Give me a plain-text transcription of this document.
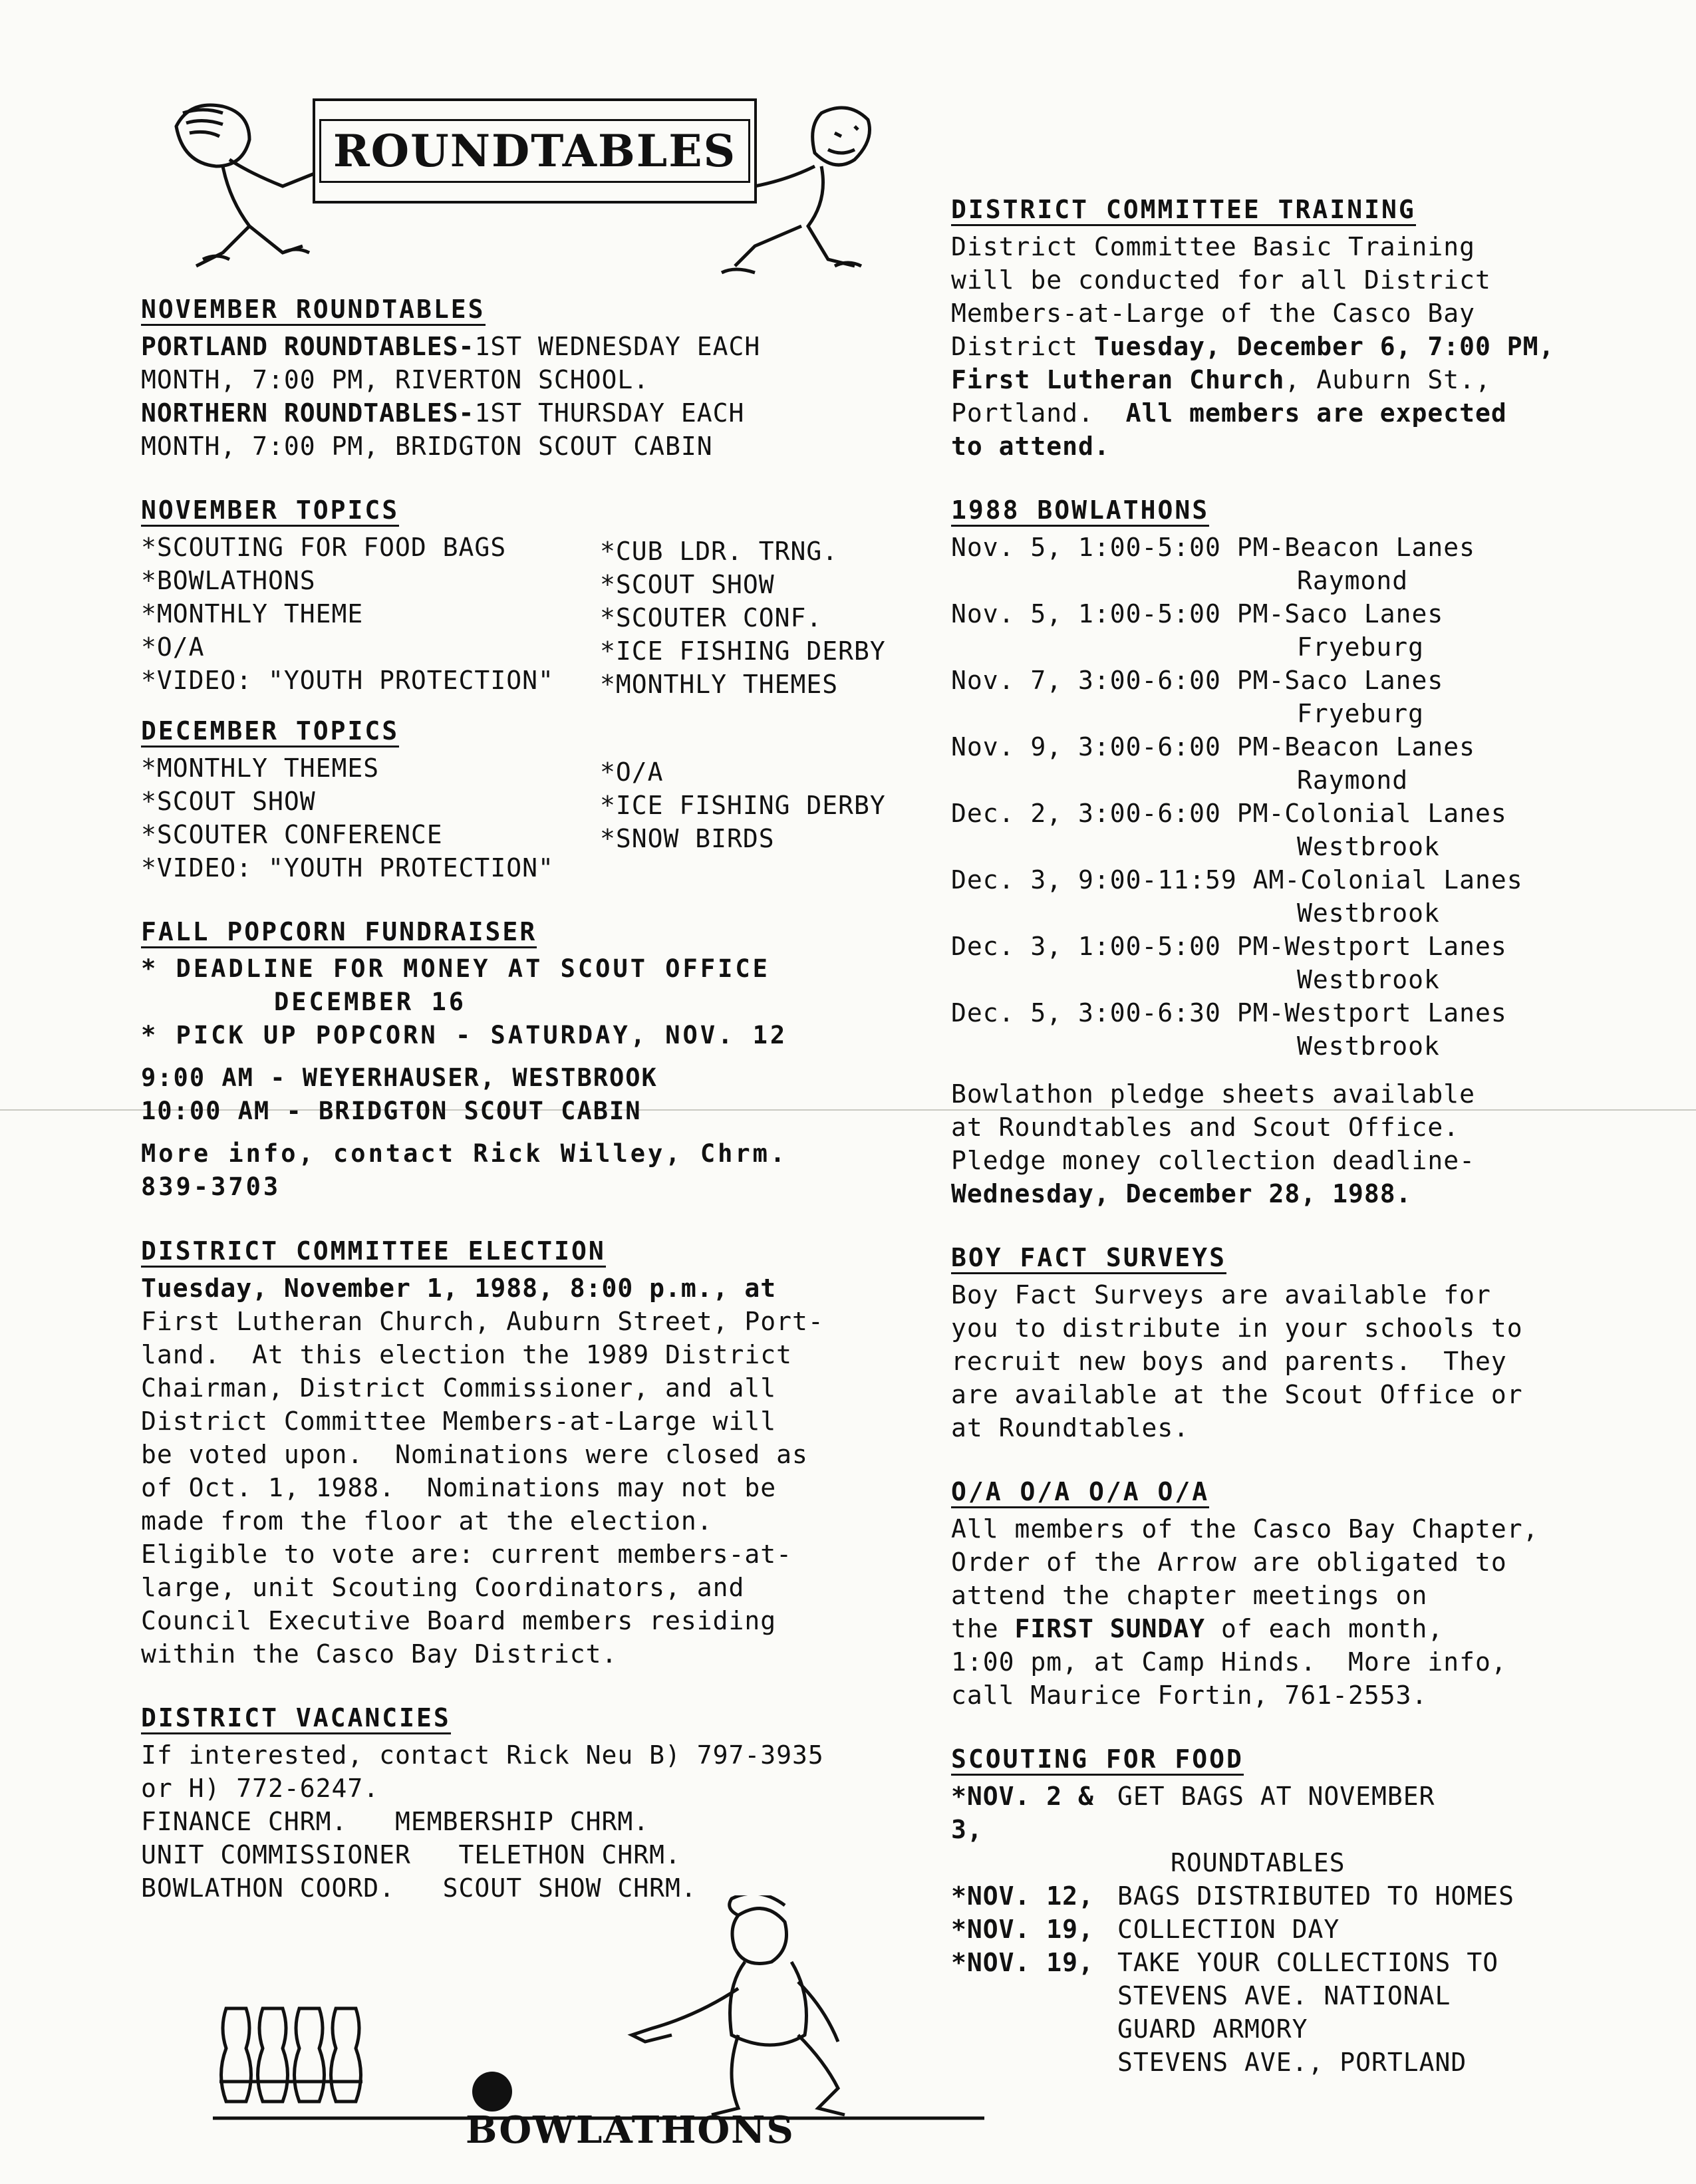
ROUNDTABLES
NOVEMBER ROUNDTABLES
PORTLAND ROUNDTABLES-1ST WEDNESDAY EACH
MONTH, 7:00 PM, RIVERTON SCHOOL.
NORTHERN ROUNDTABLES-1ST THURSDAY EACH
MONTH, 7:00 PM, BRIDGTON SCOUT CABIN
NOVEMBER TOPICS
*SCOUTING FOR FOOD BAGS
*BOWLATHONS
*MONTHLY THEME
*O/A
*VIDEO: "YOUTH PROTECTION"
*CUB LDR. TRNG.
*SCOUT SHOW
*SCOUTER CONF.
*ICE FISHING DERBY
*MONTHLY THEMES
DECEMBER TOPICS
*MONTHLY THEMES
*SCOUT SHOW
*SCOUTER CONFERENCE
*VIDEO: "YOUTH PROTECTION"
*O/A
*ICE FISHING DERBY
*SNOW BIRDS
FALL POPCORN FUNDRAISER
* DEADLINE FOR MONEY AT SCOUT OFFICE
DECEMBER 16
* PICK UP POPCORN - SATURDAY, NOV. 12
9:00 AM - WEYERHAUSER, WESTBROOK
10:00 AM - BRIDGTON SCOUT CABIN
More info, contact Rick Willey, Chrm.
839-3703
DISTRICT COMMITTEE ELECTION
Tuesday, November 1, 1988, 8:00 p.m., at
First Lutheran Church, Auburn Street, Port-
land.  At this election the 1989 District
Chairman, District Commissioner, and all
District Committee Members-at-Large will
be voted upon.  Nominations were closed as
of Oct. 1, 1988.  Nominations may not be
made from the floor at the election.
Eligible to vote are: current members-at-
large, unit Scouting Coordinators, and
Council Executive Board members residing
within the Casco Bay District.
DISTRICT VACANCIES
If interested, contact Rick Neu B) 797-3935
or H) 772-6247.
FINANCE CHRM.   MEMBERSHIP CHRM.
UNIT COMMISSIONER   TELETHON CHRM.
BOWLATHON COORD.   SCOUT SHOW CHRM.
DISTRICT COMMITTEE TRAINING
District Committee Basic Training
will be conducted for all District
Members-at-Large of the Casco Bay
District Tuesday, December 6, 7:00 PM,
First Lutheran Church, Auburn St.,
Portland.  All members are expected
to attend.
1988 BOWLATHONS
Nov. 5, 1:00-5:00 PM-Beacon Lanes
Raymond
Nov. 5, 1:00-5:00 PM-Saco Lanes
Fryeburg
Nov. 7, 3:00-6:00 PM-Saco Lanes
Fryeburg
Nov. 9, 3:00-6:00 PM-Beacon Lanes
Raymond
Dec. 2, 3:00-6:00 PM-Colonial Lanes
Westbrook
Dec. 3, 9:00-11:59 AM-Colonial Lanes
Westbrook
Dec. 3, 1:00-5:00 PM-Westport Lanes
Westbrook
Dec. 5, 3:00-6:30 PM-Westport Lanes
Westbrook
Bowlathon pledge sheets available
at Roundtables and Scout Office.
Pledge money collection deadline-
Wednesday, December 28, 1988.
BOY FACT SURVEYS
Boy Fact Surveys are available for
you to distribute in your schools to
recruit new boys and parents.  They
are available at the Scout Office or
at Roundtables.
O/A O/A O/A O/A
All members of the Casco Bay Chapter,
Order of the Arrow are obligated to
attend the chapter meetings on
the FIRST SUNDAY of each month,
1:00 pm, at Camp Hinds.  More info,
call Maurice Fortin, 761-2553.
SCOUTING FOR FOOD
*NOV. 2 & 3,
GET BAGS AT NOVEMBER
ROUNDTABLES
*NOV. 12, BAGS DISTRIBUTED TO HOMES
*NOV. 19, COLLECTION DAY
*NOV. 19, TAKE YOUR COLLECTIONS TO
STEVENS AVE. NATIONAL
GUARD ARMORY
STEVENS AVE., PORTLAND
BOWLATHONS
